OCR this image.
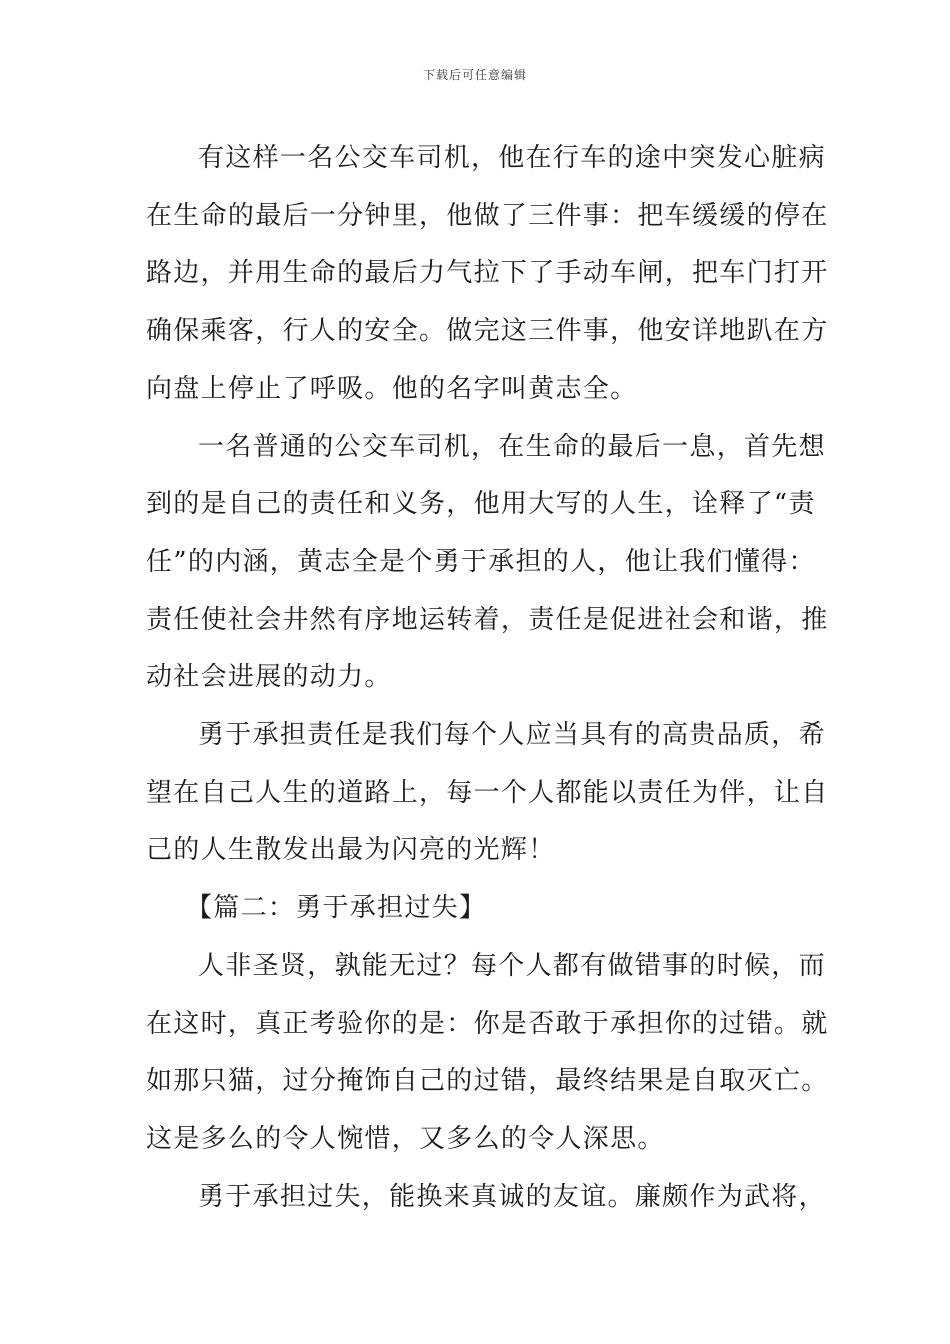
下载后可任意编辑

有这样一名公交车司机，他在行车的途中突发心脏病
在生命的最后一分钟里，他做了三件事：把车缓缓的停在
路边，并用生命的最后力气拉下了手动车闸，把车门打开
确保乘客，行人的安全。做完这三件事，他安详地趴在方
向盘上停止了呼吸。他的名字叫黄志全。

一名普通的公交车司机，在生命的最后一息，首先想
到的是自己的责任和义务，他用大写的人生，诠释了“责
任”的内涵，黄志全是个勇于承担的人，他让我们懂得：
责任使社会井然有序地运转着，责任是促进社会和谐，推
动社会进展的动力。

勇于承担责任是我们每个人应当具有的高贵品质，希
望在自己人生的道路上，每一个人都能以责任为伴，让自
己的人生散发出最为闪亮的光辉！

【篇二：勇于承担过失】

人非圣贤，孰能无过？每个人都有做错事的时候，而
在这时，真正考验你的是：你是否敢于承担你的过错。就
如那只猫，过分掩饰自己的过错，最终结果是自取灭亡。
这是多么的令人惋惜，又多么的令人深思。

勇于承担过失，能换来真诚的友谊。廉颇作为武将，
